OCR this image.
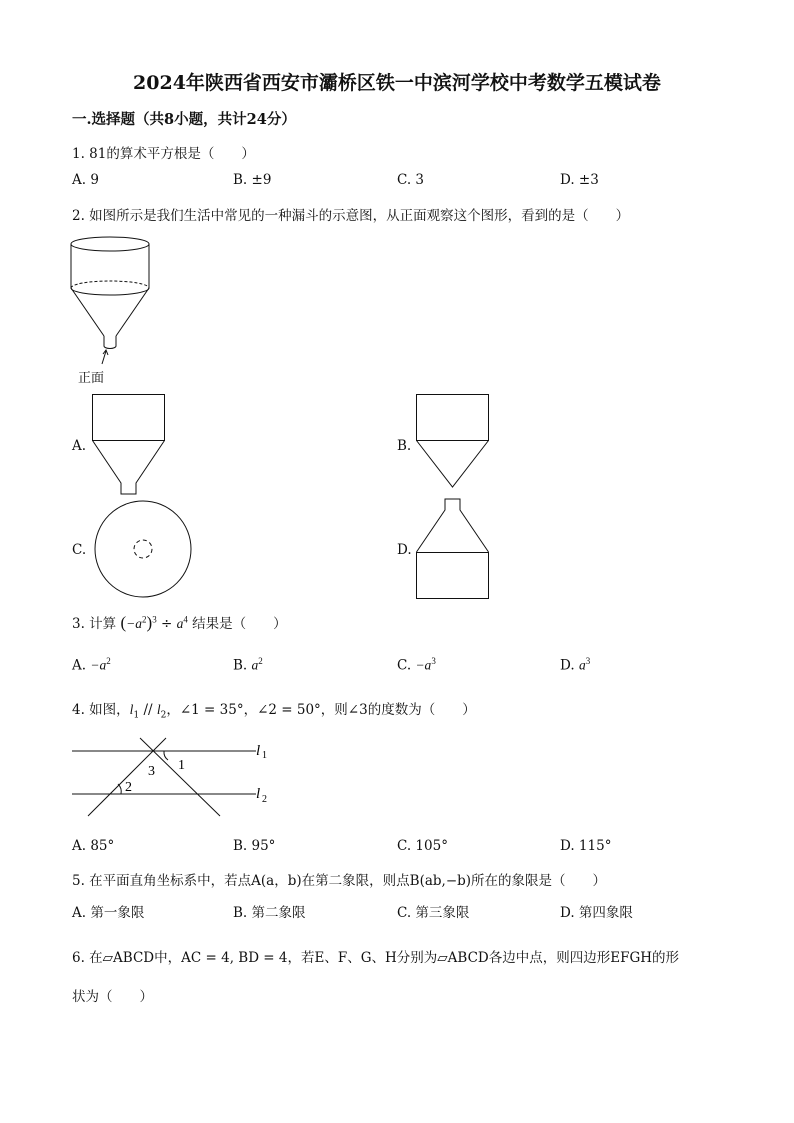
2024年陕西省西安市灞桥区铁一中滨河学校中考数学五模试卷
一.选择题（共8小题，共计24分）
1. 81的算术平方根是（　　）
A. 9	B. ±9	C. 3	D. ±3
2. 如图所示是我们生活中常见的一种漏斗的示意图，从正面观察这个图形，看到的是（　　）
正面
A.	B.
C.	D.
3. 计算 $(-a^2)^3 \div a^4$ 结果是（　　）
A. $-a^2$	B. $a^2$	C. $-a^3$	D. $a^3$
4. 如图，$l_1 // l_2$，∠1 = 35°，∠2 = 50°，则∠3的度数为（　　）
l 1
l 2
1
3
2
A. 85°	B. 95°	C. 105°	D. 115°
5. 在平面直角坐标系中，若点A(a，b)在第二象限，则点B(ab,−b)所在的象限是（　　）
A. 第一象限	B. 第二象限	C. 第三象限	D. 第四象限
6. 在▱ABCD中，AC = 4, BD = 4，若E、F、G、H分别为▱ABCD各边中点，则四边形EFGH的形
状为（　　）
